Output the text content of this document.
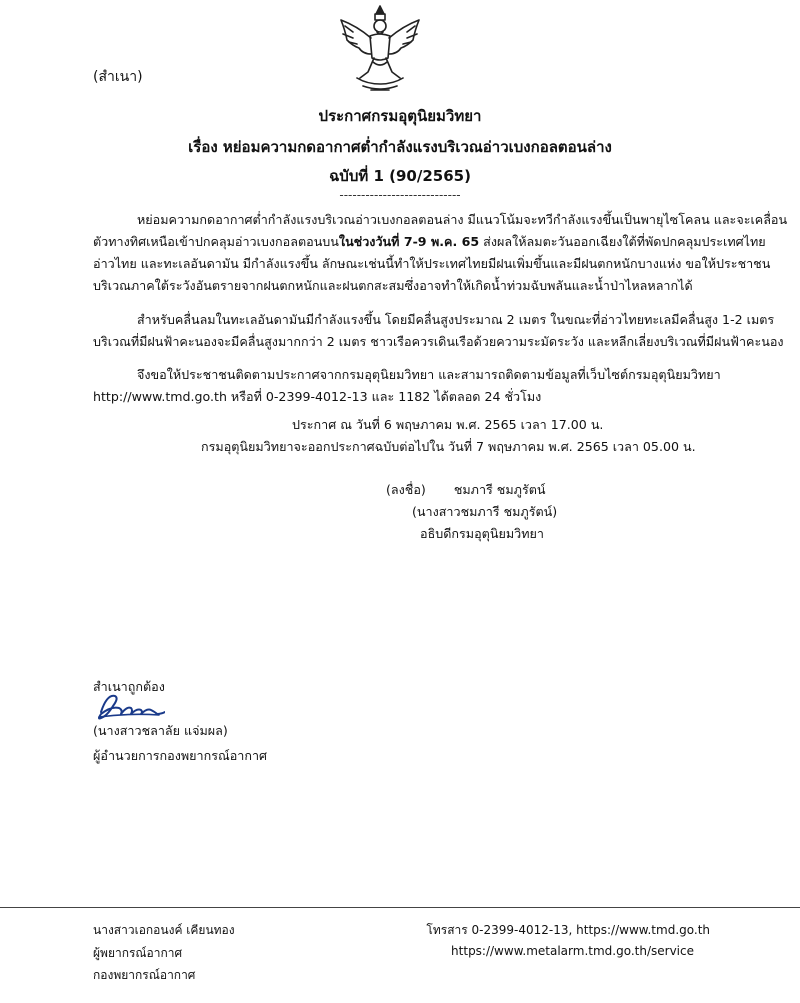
(สำเนา)
ประกาศกรมอุตุนิยมวิทยา
เรื่อง หย่อมความกดอากาศต่ำกำลังแรงบริเวณอ่าวเบงกอลตอนล่าง
ฉบับที่ 1 (90/2565)
----------------------------
หย่อมความกดอากาศต่ำกำลังแรงบริเวณอ่าวเบงกอลตอนล่าง มีแนวโน้มจะทวีกำลังแรงขึ้นเป็นพายุไซโคลน และจะเคลื่อน
ตัวทางทิศเหนือเข้าปกคลุมอ่าวเบงกอลตอนบนในช่วงวันที่ 7-9 พ.ค. 65 ส่งผลให้ลมตะวันออกเฉียงใต้ที่พัดปกคลุมประเทศไทย
อ่าวไทย และทะเลอันดามัน มีกำลังแรงขึ้น ลักษณะเช่นนี้ทำให้ประเทศไทยมีฝนเพิ่มขึ้นและมีฝนตกหนักบางแห่ง ขอให้ประชาชน
บริเวณภาคใต้ระวังอันตรายจากฝนตกหนักและฝนตกสะสมซึ่งอาจทำให้เกิดน้ำท่วมฉับพลันและน้ำป่าไหลหลากได้
สำหรับคลื่นลมในทะเลอันดามันมีกำลังแรงขึ้น โดยมีคลื่นสูงประมาณ 2 เมตร ในขณะที่อ่าวไทยทะเลมีคลื่นสูง 1-2 เมตร
บริเวณที่มีฝนฟ้าคะนองจะมีคลื่นสูงมากกว่า 2 เมตร ชาวเรือควรเดินเรือด้วยความระมัดระวัง และหลีกเลี่ยงบริเวณที่มีฝนฟ้าคะนอง
จึงขอให้ประชาชนติดตามประกาศจากกรมอุตุนิยมวิทยา และสามารถติดตามข้อมูลที่เว็บไซต์กรมอุตุนิยมวิทยา
http://www.tmd.go.th หรือที่ 0-2399-4012-13 และ 1182 ได้ตลอด 24 ชั่วโมง
ประกาศ ณ วันที่ 6 พฤษภาคม พ.ศ. 2565 เวลา 17.00 น.
กรมอุตุนิยมวิทยาจะออกประกาศฉบับต่อไปใน วันที่ 7 พฤษภาคม พ.ศ. 2565 เวลา 05.00 น.
(ลงชื่อ) ชมภารี ชมภูรัตน์
(นางสาวชมภารี ชมภูรัตน์)
อธิบดีกรมอุตุนิยมวิทยา
สำเนาถูกต้อง
(นางสาวชลาลัย แจ่มผล)
ผู้อำนวยการกองพยากรณ์อากาศ
นางสาวเอกอนงค์ เคียนทอง
ผู้พยากรณ์อากาศ
กองพยากรณ์อากาศ
โทรสาร 0-2399-4012-13, https://www.tmd.go.th
https://www.metalarm.tmd.go.th/service
